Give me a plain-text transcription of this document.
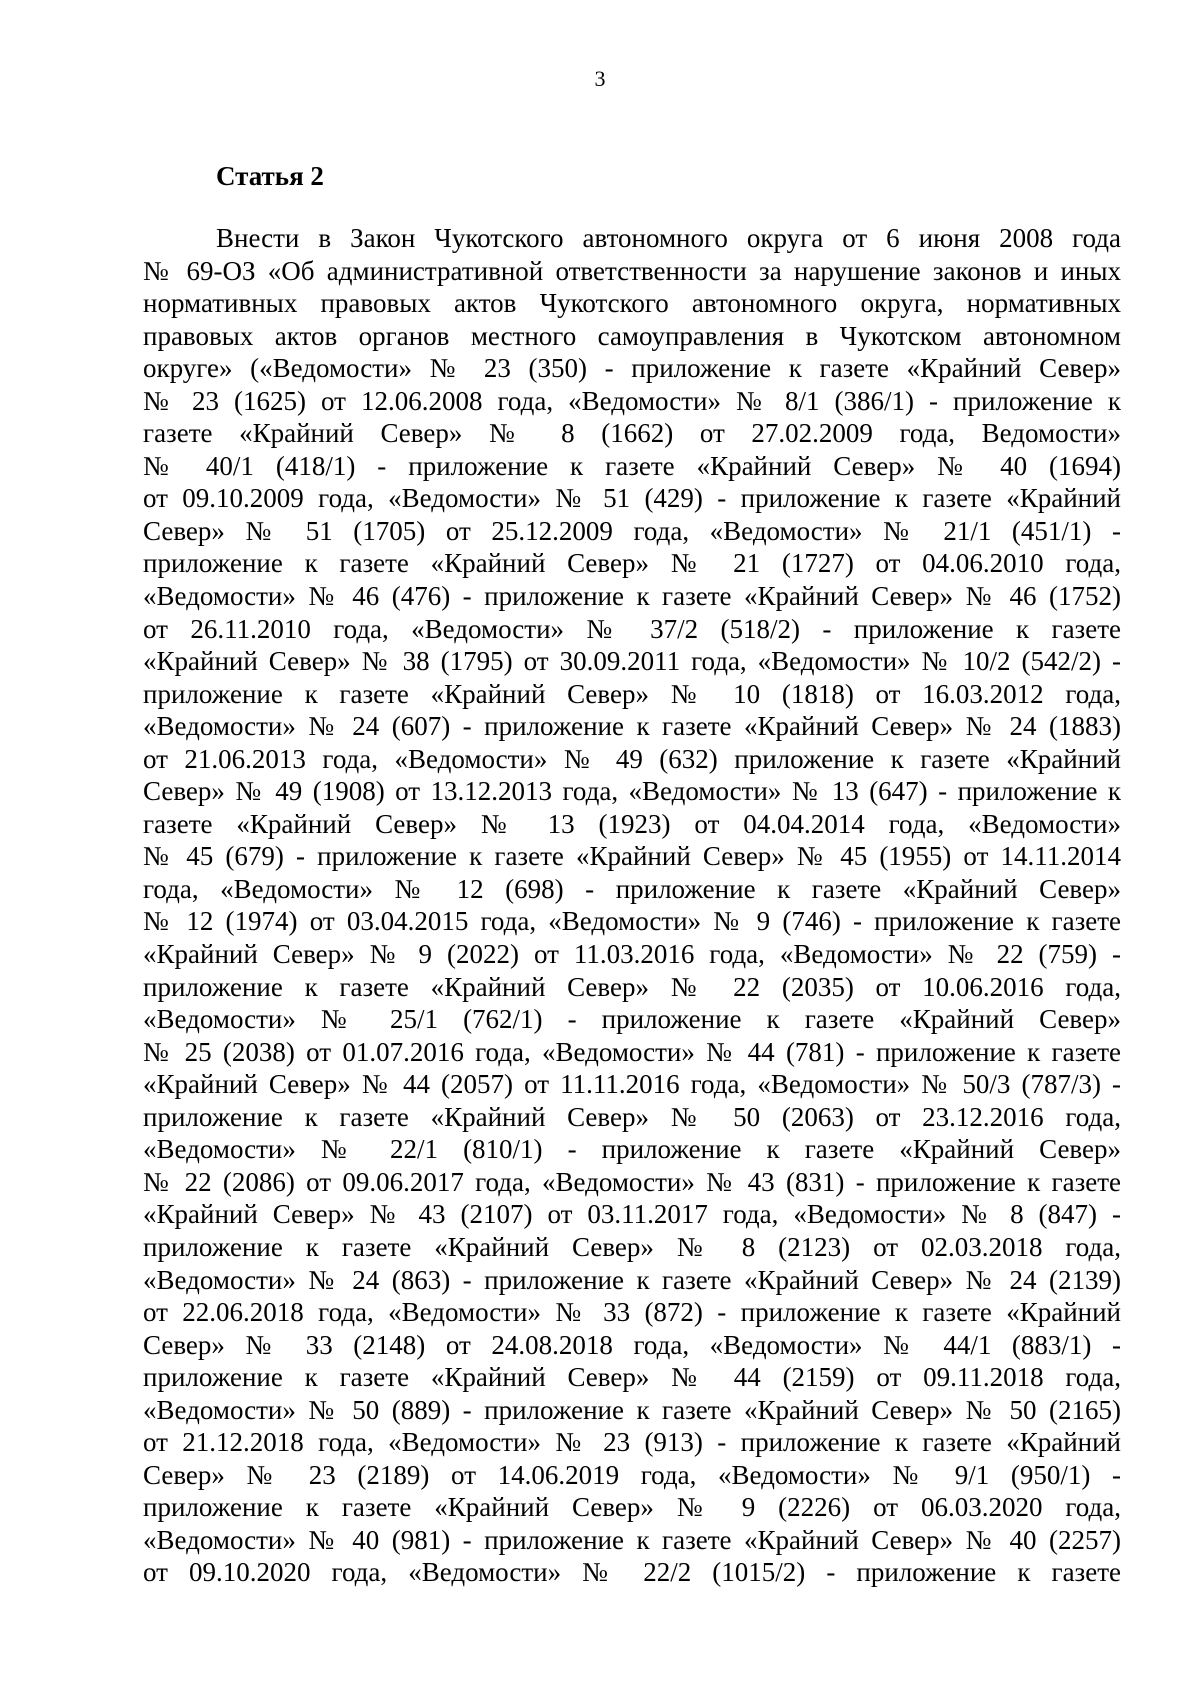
3
Статья 2
Внести в Закон Чукотского автономного округа от 6 июня 2008 года
№ 69-ОЗ «Об административной ответственности за нарушение законов и иных
нормативных правовых актов Чукотского автономного округа, нормативных
правовых актов органов местного самоуправления в Чукотском автономном
округе» («Ведомости» № 23 (350) - приложение к газете «Крайний Север»
№ 23 (1625) от 12.06.2008 года, «Ведомости» № 8/1 (386/1) - приложение к
газете «Крайний Север» № 8 (1662) от 27.02.2009 года, Ведомости»
№ 40/1 (418/1) - приложение к газете «Крайний Север» № 40 (1694)
от 09.10.2009 года, «Ведомости» № 51 (429) - приложение к газете «Крайний
Север» № 51 (1705) от 25.12.2009 года, «Ведомости» № 21/1 (451/1) -
приложение к газете «Крайний Север» № 21 (1727) от 04.06.2010 года,
«Ведомости» № 46 (476) - приложение к газете «Крайний Север» № 46 (1752)
от 26.11.2010 года, «Ведомости» № 37/2 (518/2) - приложение к газете
«Крайний Север» № 38 (1795) от 30.09.2011 года, «Ведомости» № 10/2 (542/2) -
приложение к газете «Крайний Север» № 10 (1818) от 16.03.2012 года,
«Ведомости» № 24 (607) - приложение к газете «Крайний Север» № 24 (1883)
от 21.06.2013 года, «Ведомости» № 49 (632) приложение к газете «Крайний
Север» № 49 (1908) от 13.12.2013 года, «Ведомости» № 13 (647) - приложение к
газете «Крайний Север» № 13 (1923) от 04.04.2014 года, «Ведомости»
№ 45 (679) - приложение к газете «Крайний Север» № 45 (1955) от 14.11.2014
года, «Ведомости» № 12 (698) - приложение к газете «Крайний Север»
№ 12 (1974) от 03.04.2015 года, «Ведомости» № 9 (746) - приложение к газете
«Крайний Север» № 9 (2022) от 11.03.2016 года, «Ведомости» № 22 (759) -
приложение к газете «Крайний Север» № 22 (2035) от 10.06.2016 года,
«Ведомости» № 25/1 (762/1) - приложение к газете «Крайний Север»
№ 25 (2038) от 01.07.2016 года, «Ведомости» № 44 (781) - приложение к газете
«Крайний Север» № 44 (2057) от 11.11.2016 года, «Ведомости» № 50/3 (787/3) -
приложение к газете «Крайний Север» № 50 (2063) от 23.12.2016 года,
«Ведомости» № 22/1 (810/1) - приложение к газете «Крайний Север»
№ 22 (2086) от 09.06.2017 года, «Ведомости» № 43 (831) - приложение к газете
«Крайний Север» № 43 (2107) от 03.11.2017 года, «Ведомости» № 8 (847) -
приложение к газете «Крайний Север» № 8 (2123) от 02.03.2018 года,
«Ведомости» № 24 (863) - приложение к газете «Крайний Север» № 24 (2139)
от 22.06.2018 года, «Ведомости» № 33 (872) - приложение к газете «Крайний
Север» № 33 (2148) от 24.08.2018 года, «Ведомости» № 44/1 (883/1) -
приложение к газете «Крайний Север» № 44 (2159) от 09.11.2018 года,
«Ведомости» № 50 (889) - приложение к газете «Крайний Север» № 50 (2165)
от 21.12.2018 года, «Ведомости» № 23 (913) - приложение к газете «Крайний
Север» № 23 (2189) от 14.06.2019 года, «Ведомости» № 9/1 (950/1) -
приложение к газете «Крайний Север» № 9 (2226) от 06.03.2020 года,
«Ведомости» № 40 (981) - приложение к газете «Крайний Север» № 40 (2257)
от 09.10.2020 года, «Ведомости» № 22/2 (1015/2) - приложение к газете
